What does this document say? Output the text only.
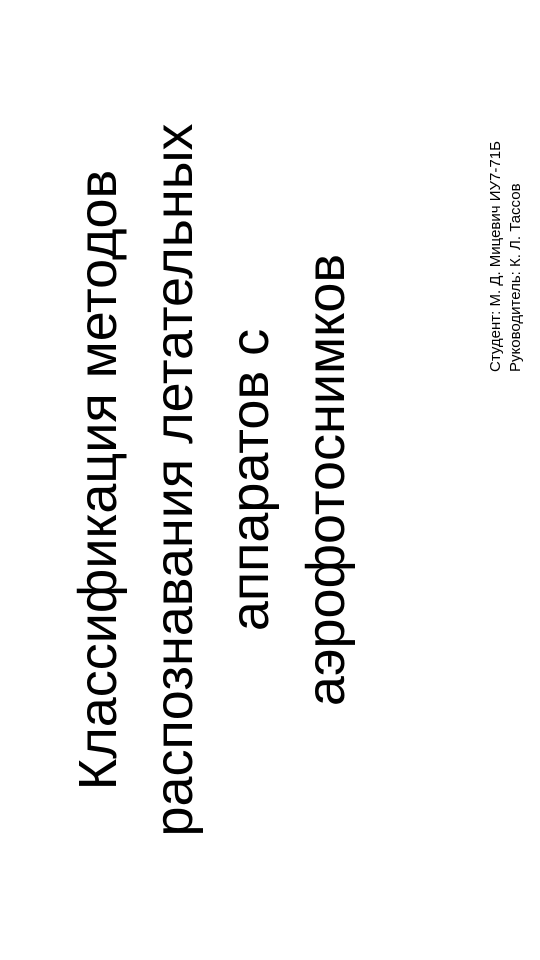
Классификация методов распознавания летательных аппаратов с аэрофотоснимков	Студент: М. Д. Мицевич ИУ7-71Б Руководитель: К. Л. Тассов
